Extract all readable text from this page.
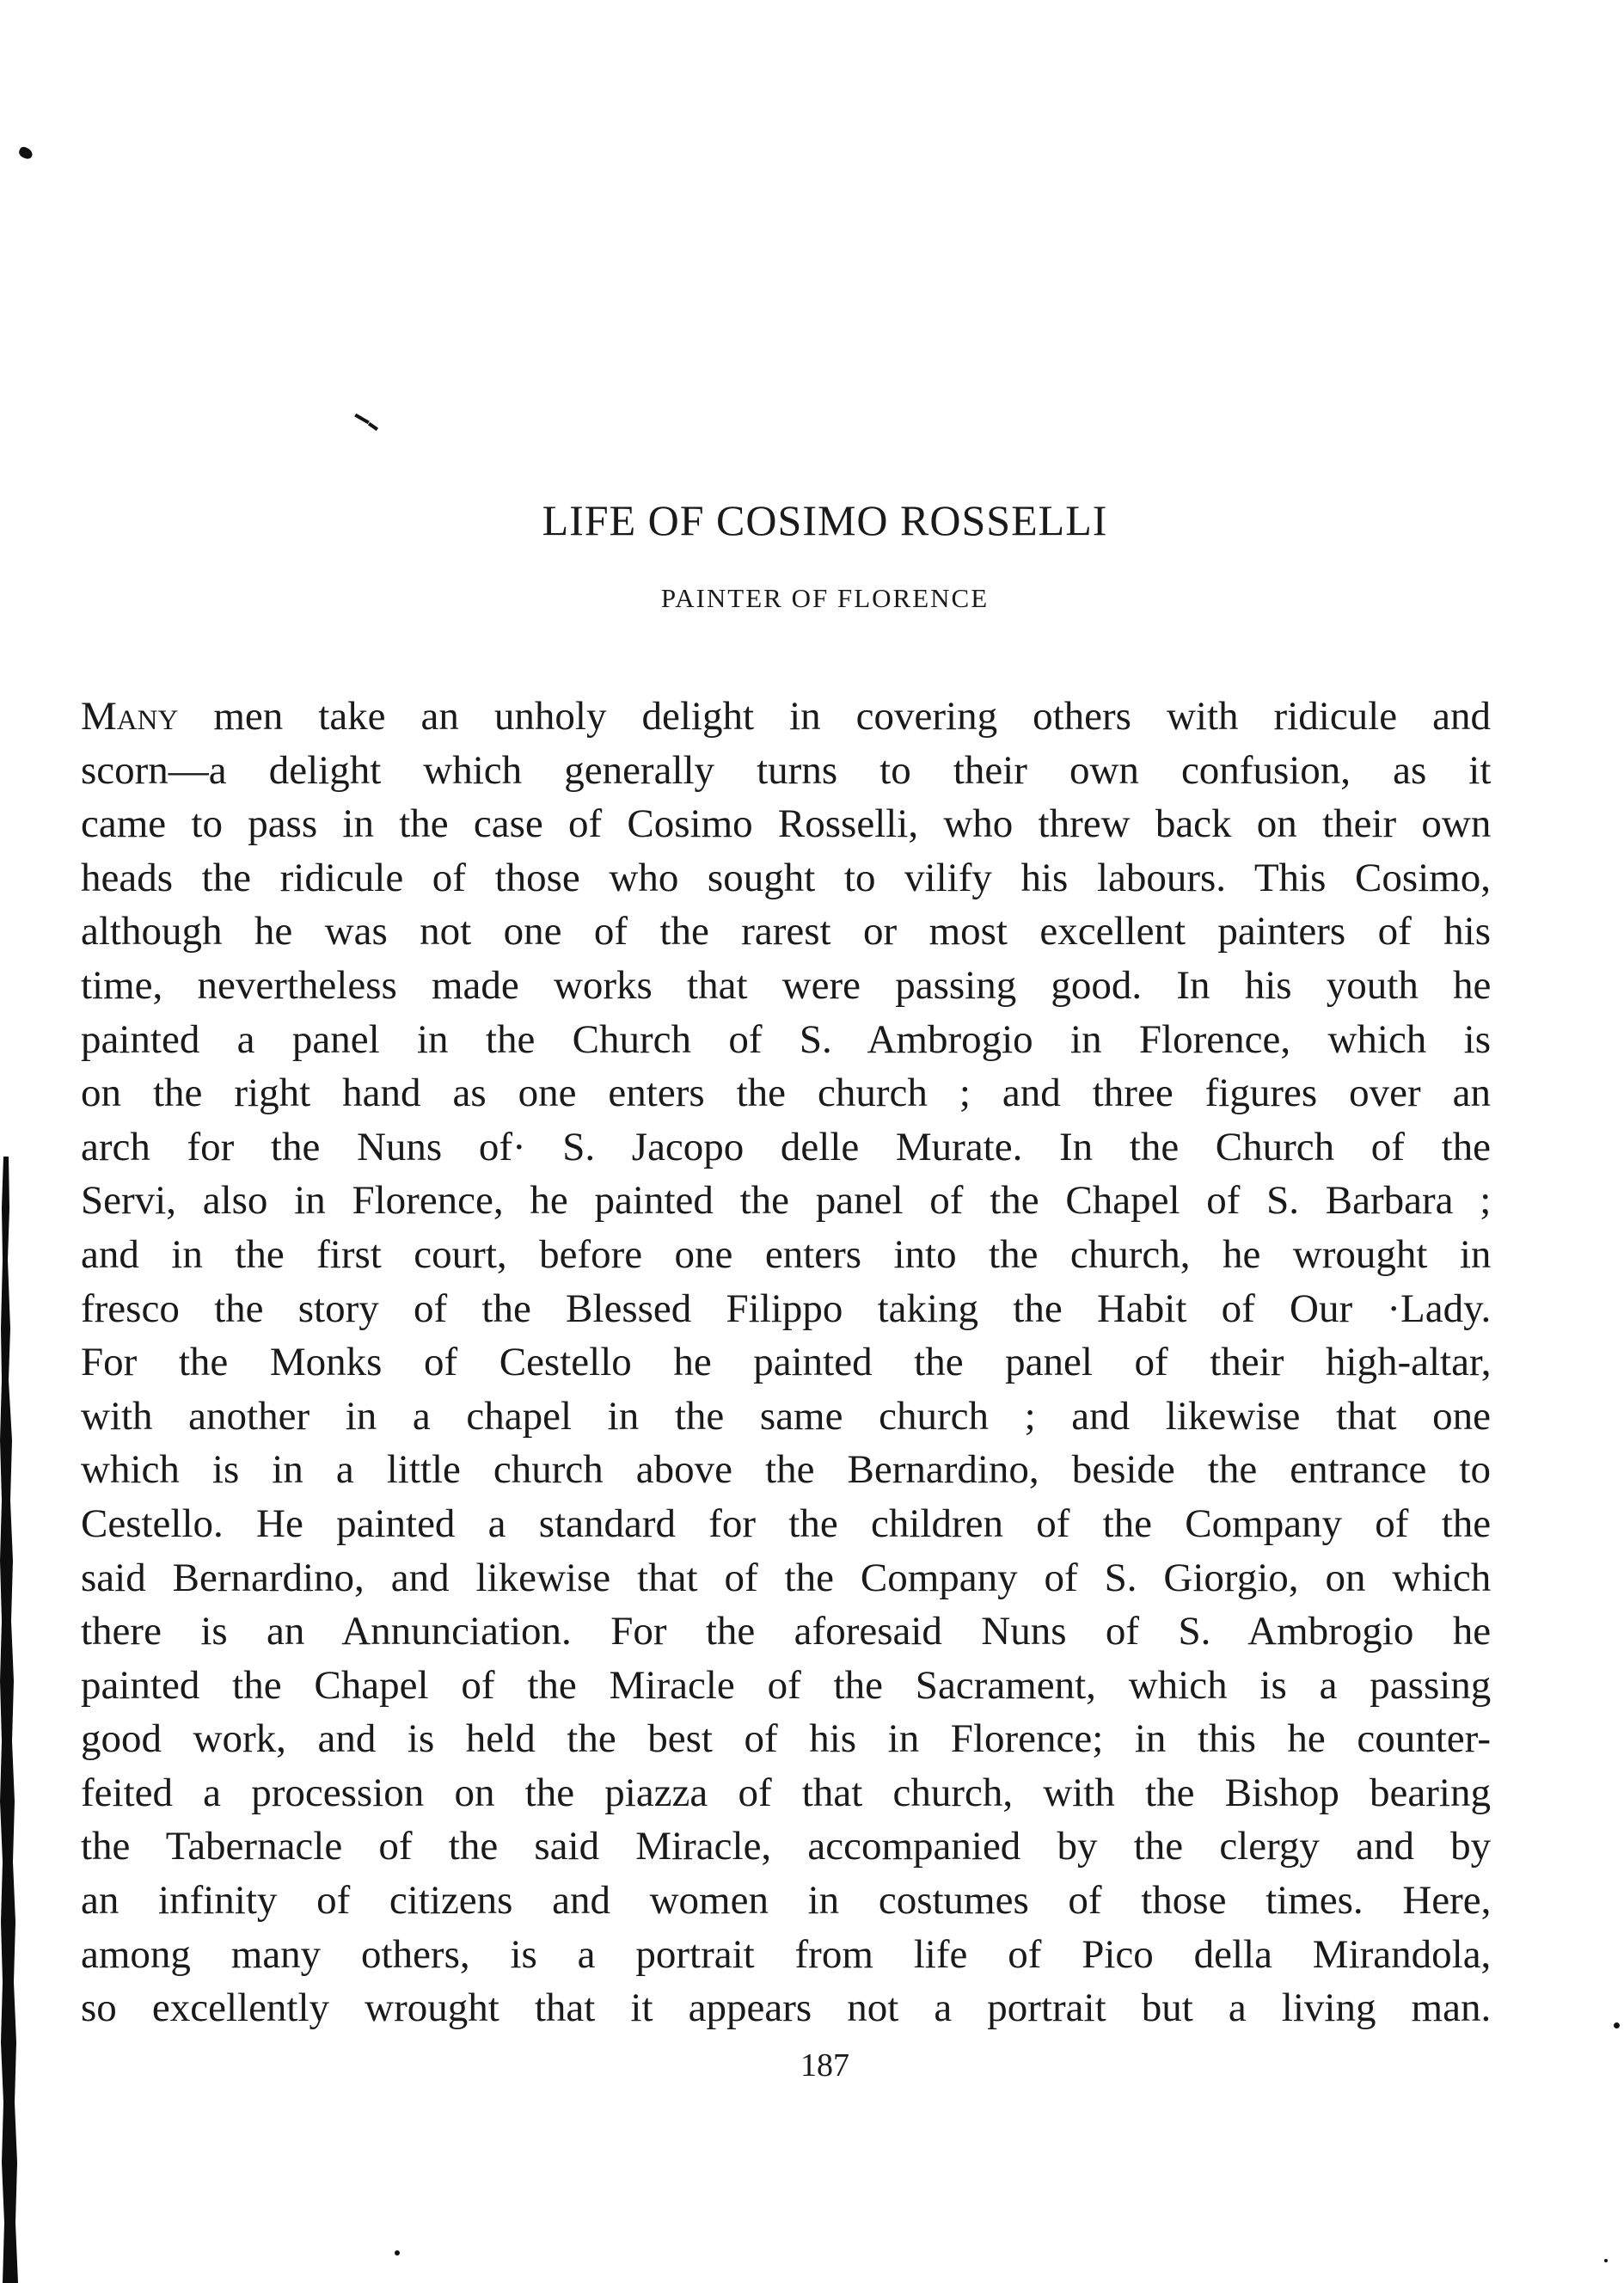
LIFE OF COSIMO ROSSELLI
PAINTER OF FLORENCE
Many men take an unholy delight in covering others with ridicule and
scorn—a delight which generally turns to their own confusion, as it
came to pass in the case of Cosimo Rosselli, who threw back on their own
heads the ridicule of those who sought to vilify his labours. This Cosimo,
although he was not one of the rarest or most excellent painters of his
time, nevertheless made works that were passing good. In his youth he
painted a panel in the Church of S. Ambrogio in Florence, which is
on the right hand as one enters the church ; and three figures over an
arch for the Nuns of· S. Jacopo delle Murate. In the Church of the
Servi, also in Florence, he painted the panel of the Chapel of S. Barbara ;
and in the first court, before one enters into the church, he wrought in
fresco the story of the Blessed Filippo taking the Habit of Our ·Lady.
For the Monks of Cestello he painted the panel of their high-altar,
with another in a chapel in the same church ; and likewise that one
which is in a little church above the Bernardino, beside the entrance to
Cestello. He painted a standard for the children of the Company of the
said Bernardino, and likewise that of the Company of S. Giorgio, on which
there is an Annunciation. For the aforesaid Nuns of S. Ambrogio he
painted the Chapel of the Miracle of the Sacrament, which is a passing
good work, and is held the best of his in Florence; in this he counter-
feited a procession on the piazza of that church, with the Bishop bearing
the Tabernacle of the said Miracle, accompanied by the clergy and by
an infinity of citizens and women in costumes of those times. Here,
among many others, is a portrait from life of Pico della Mirandola,
so excellently wrought that it appears not a portrait but a living man.
187
